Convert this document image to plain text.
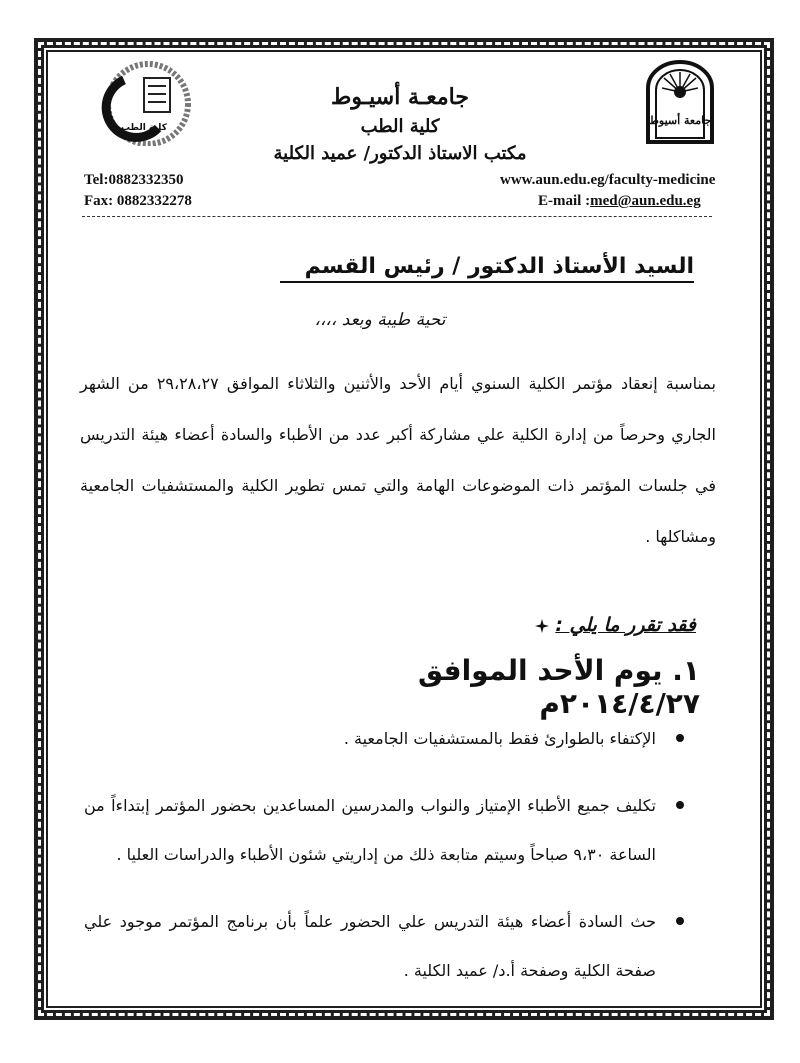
كلية الطب
جامعة أسيوط
جامعـة أسيـوط
كلية الطب
مكتب الاستاذ الدكتور/ عميد الكلية
Tel:0882332350
Fax: 0882332278
www.aun.edu.eg/faculty-medicine
E-mail :med@aun.edu.eg
السيد الأستاذ الدكتور / رئيس القسم
تحية طيبة وبعد ،،،،
بمناسبة إنعقاد مؤتمر الكلية السنوي أيام الأحد والأثنين والثلاثاء الموافق ٢٩،٢٨،٢٧ من الشهر الجاري وحرصاً من إدارة الكلية علي مشاركة أكبر عدد من الأطباء والسادة أعضاء هيئة التدريس في جلسات المؤتمر ذات الموضوعات الهامة والتي تمس تطوير الكلية والمستشفيات الجامعية ومشاكلها .
فقد تقرر ما يلي :
١. يوم الأحد الموافق ٢٠١٤/٤/٢٧م
الإكتفاء بالطوارئ فقط بالمستشفيات الجامعية .
تكليف جميع الأطباء الإمتياز والنواب والمدرسين المساعدين بحضور المؤتمر إبتداءاً من الساعة ٩،٣٠ صباحاً وسيتم متابعة ذلك من إداريتي شئون الأطباء والدراسات العليا .
حث السادة أعضاء هيئة التدريس علي الحضور علماً بأن برنامج المؤتمر موجود علي صفحة الكلية وصفحة أ.د/ عميد الكلية .
